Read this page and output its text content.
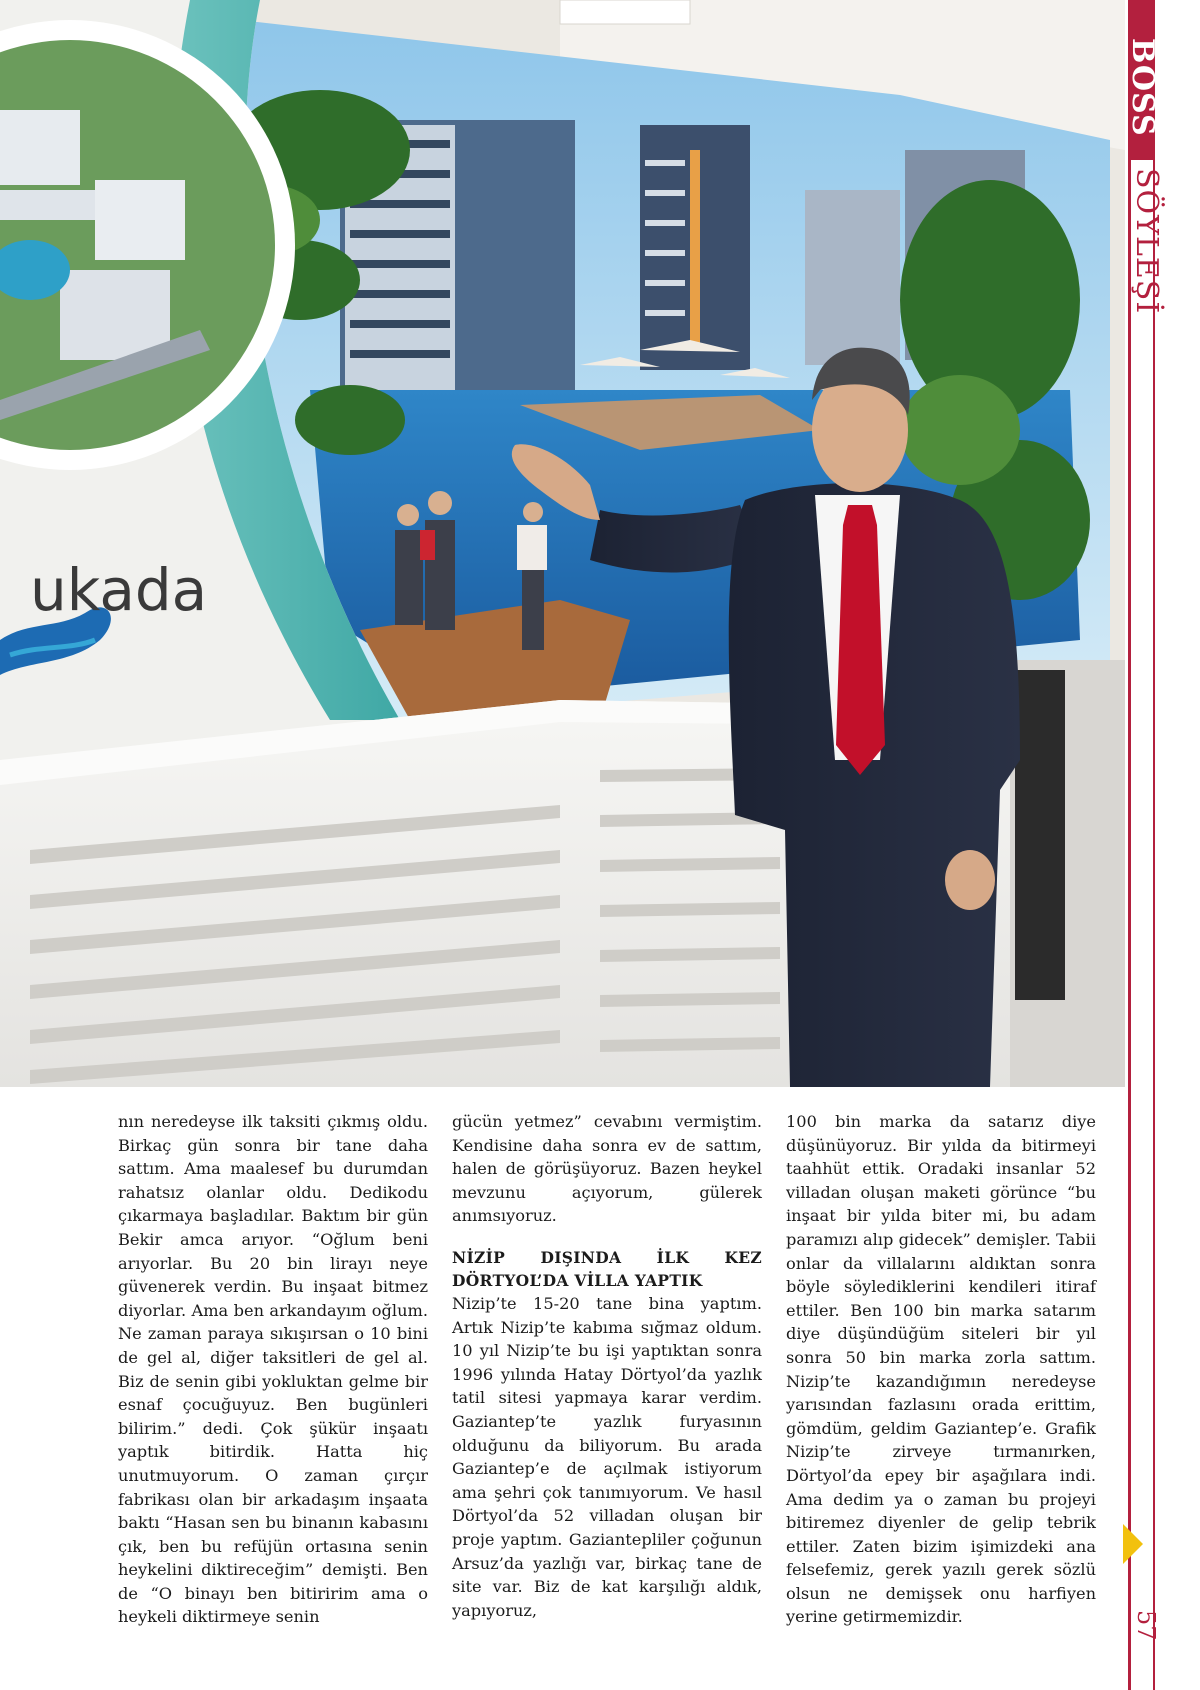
ukada
BOSS
SÖYLEŞİ
57

nın neredeyse ilk taksiti çıkmış oldu. Birkaç gün sonra bir tane daha sattım. Ama maalesef bu durumdan rahatsız olanlar oldu. Dedikodu çıkarmaya başladılar. Baktım bir gün Bekir amca arıyor. “Oğlum beni arıyorlar. Bu 20 bin lirayı neye güvenerek verdin. Bu inşaat bitmez diyorlar. Ama ben arkandayım oğlum. Ne zaman paraya sıkışırsan o 10 bini de gel al, diğer taksitleri de gel al. Biz de senin gibi yokluktan gelme bir esnaf çocuğuyuz. Ben bugünleri bilirim.” dedi. Çok şükür inşaatı yaptık bitirdik. Hatta hiç unutmuyorum. O zaman çırçır fabrikası olan bir arkadaşım inşaata baktı “Hasan sen bu binanın kabasını çık, ben bu refüjün ortasına senin heykelini diktireceğim” demişti. Ben de “O binayı ben bitiririm ama o heykeli diktirmeye senin

gücün yetmez” cevabını vermiştim. Kendisine daha sonra ev de sattım, halen de görüşüyoruz. Bazen heykel mevzunu açıyorum, gülerek anımsıyoruz.

NİZİP DIŞINDA İLK KEZ DÖRTYOL’DA VİLLA YAPTIK

Nizip’te 15-20 tane bina yaptım. Artık Nizip’te kabıma sığmaz oldum. 10 yıl Nizip’te bu işi yaptıktan sonra 1996 yılında Hatay Dörtyol’da yazlık tatil sitesi yapmaya karar verdim. Gaziantep’te yazlık furyasının olduğunu da biliyorum. Bu arada Gaziantep’e de açılmak istiyorum ama şehri çok tanımıyorum. Ve hasıl Dörtyol’da 52 villadan oluşan bir proje yaptım. Gaziantepliler çoğunun Arsuz’da yazlığı var, birkaç tane de site var. Biz de kat karşılığı aldık, yapıyoruz,

100 bin marka da satarız diye düşünüyoruz. Bir yılda da bitirmeyi taahhüt ettik. Oradaki insanlar 52 villadan oluşan maketi görünce “bu inşaat bir yılda biter mi, bu adam paramızı alıp gidecek” demişler. Tabii onlar da villalarını aldıktan sonra böyle söylediklerini kendileri itiraf ettiler. Ben 100 bin marka satarım diye düşündüğüm siteleri bir yıl sonra 50 bin marka zorla sattım. Nizip’te kazandığımın neredeyse yarısından fazlasını orada erittim, gömdüm, geldim Gaziantep’e. Grafik Nizip’te zirveye tırmanırken, Dörtyol’da epey bir aşağılara indi. Ama dedim ya o zaman bu projeyi bitiremez diyenler de gelip tebrik ettiler. Zaten bizim işimizdeki ana felsefemiz, gerek yazılı gerek sözlü olsun ne demişsek onu harfiyen yerine getirmemizdir.
